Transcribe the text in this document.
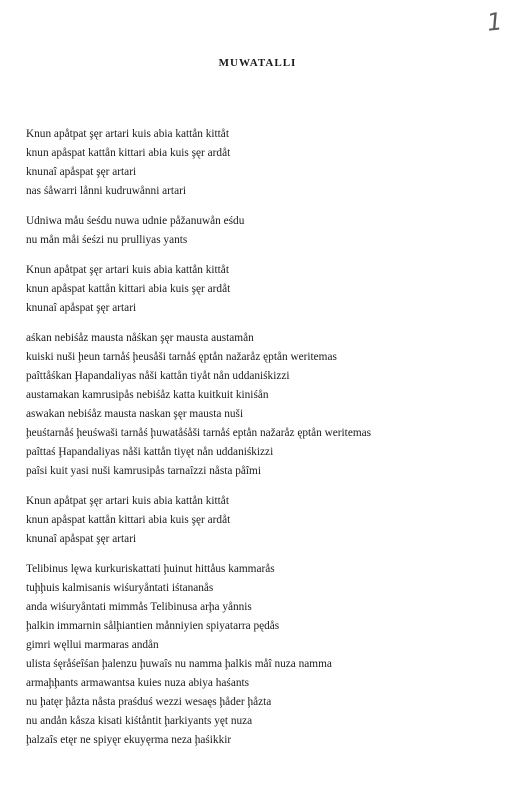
1
MUWATALLI
Knun apåtpat şęr artari kuis abia kattån kittåt
knun apåspat kattån kittari abia kuis şęr ardåt
knunaî apåspat şęr artari
nas śåwarri lånni kudruwånni artari
Udniwa måu śeśdu nuwa udnie påžanuwån eśdu
nu mån måi śeśzi nu prulliyas yants
Knun apåtpat şęr artari kuis abia kattån kittåt
knun apåspat kattån kittari abia kuis şęr ardåt
knunaî apåspat şęr artari
aśkan nebiśåz mausta nåśkan şęr mausta austamån
kuiski nuši ḩeun tarnåś ḩeusåši tarnåś ęptån nažaråz ęptån weritemas
paîttåśkan Ḩapandaliyas nåši kattån tiyåt nån uddaniśkizzi
austamakan kamrusipås nebiśåz katta kuitkuit kiniśån
aswakan nebiśåz mausta naskan şęr mausta nuši
ḩeuśtarnåś ḩeuśwaši tarnåś ḩuwatåśåši tarnåś eptån nažaråz ęptån weritemas
paîttaś Ḩapandaliyas nåši kattån tiyęt nån uddaniśkizzi
paîsi kuit yasi nuši kamrusipås tarnaîzzi nåsta påîmi
Knun apåtpat şęr artari kuis abia kattån kittåt
knun apåspat kattån kittari abia kuis şęr ardåt
knunaî apåspat şęr artari
Telibinus lęwa kurkuriskattati ḩuinut hittåus kammarås
tuḩḩuis kalmisanis wiśuryåntati iśtananås
anda wiśuryåntati mimmås Telibinusa arḩa yånnis
ḩalkin immarnin sålḩiantien månniyien spiyatarra pędås
gimri węllui marmaras andån
ulista śęråśeîśan ḩalenzu ḩuwaîs nu namma ḩalkis måî nuza namma
armaḩḩants armawantsa kuies nuza abiya haśants
nu ḩatęr ḩåzta nåsta praśduś wezzi wesaęs ḩåder ḩåzta
nu andån kåsza kisati kiśtåntit ḩarkiyants yęt nuza
ḩalzaîs etęr ne spiyęr ekuyęrma neza ḩaśikkir
